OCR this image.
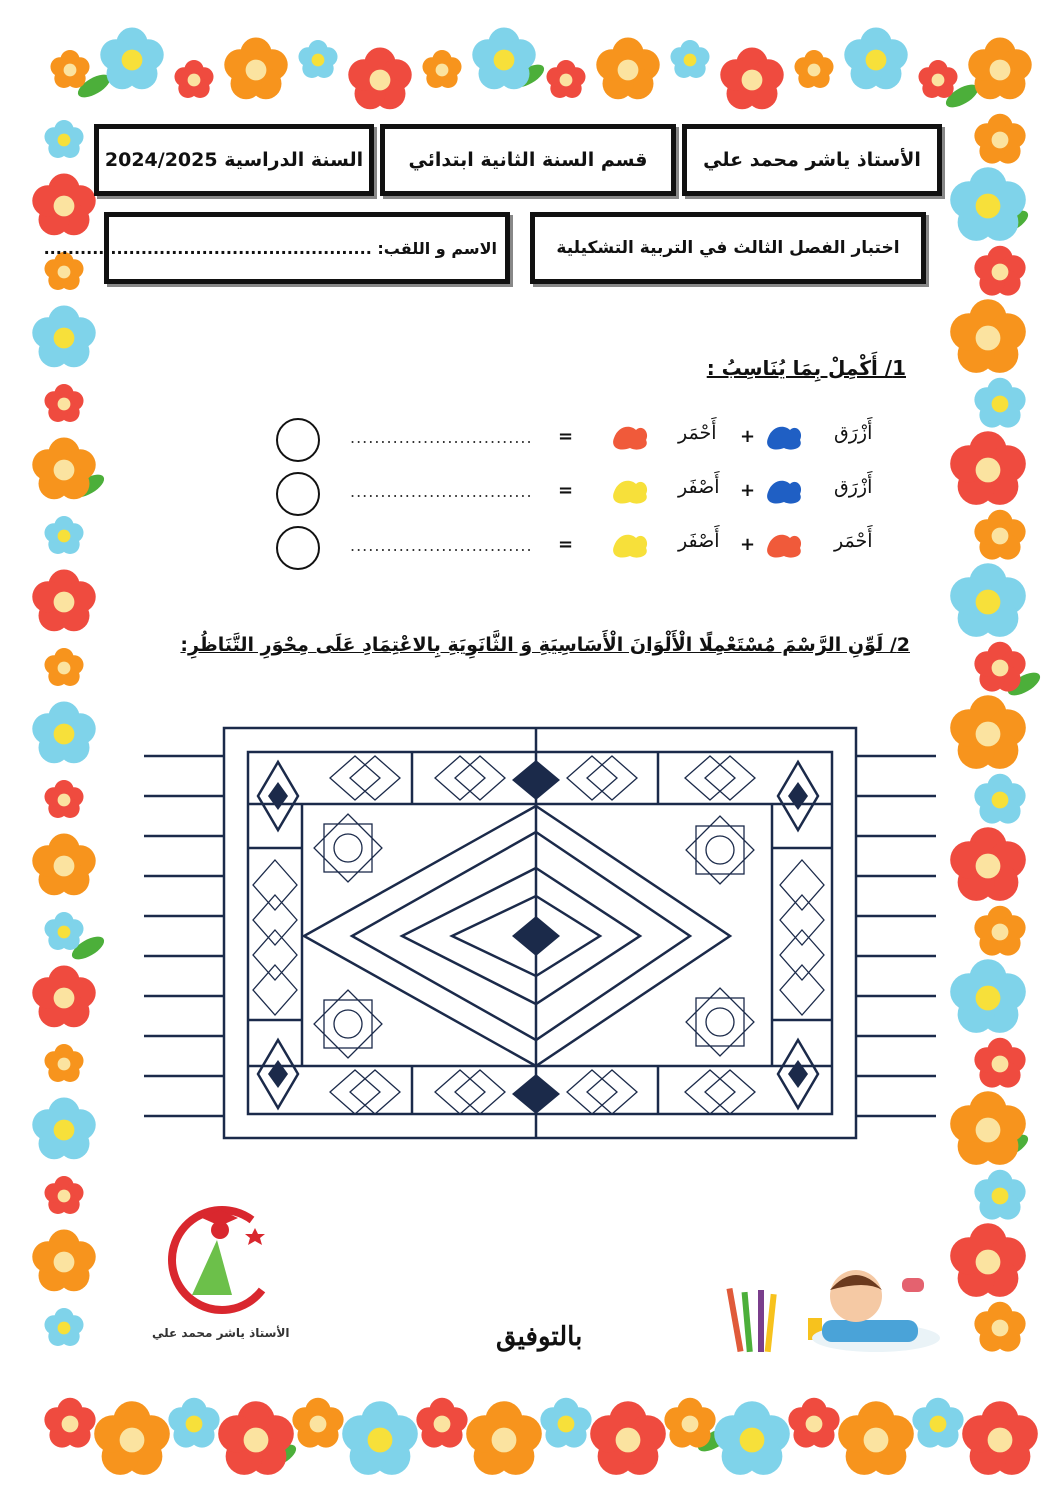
الأستاذ ياشر محمد علي
قسم السنة الثانية ابتدائي
السنة الدراسية 2024/2025
اختبار الفصل الثالث في التربية التشكيلية
الاسم و اللقب: ......................................................
1/ أَكْمِلْ بِمَا يُنَاسِبُ :
أَزْرَق
+
أَحْمَر
=
..............................
أَزْرَق
+
أَصْفَر
=
..............................
أَحْمَر
+
أَصْفَر
=
..............................
2/ لَوِّنِ الرَّسْمَ مُسْتَعْمِلًا الْأَلْوَانَ الْأَسَاسِيَةِ وَ الثَّانَوِيَةِ بِالاعْتِمَادِ عَلَى مِحْوَرِ التَّنَاظُرِ:
الأستاذ ياشر محمد علي	بالتوفيق
